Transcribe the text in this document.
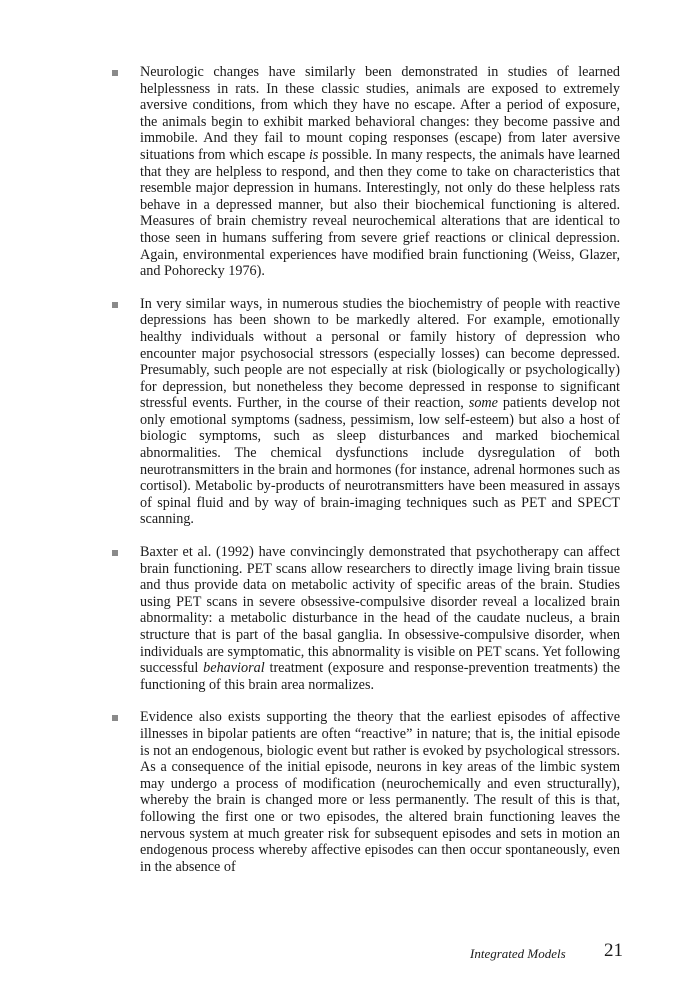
Neurologic changes have similarly been demonstrated in studies of learned helplessness in rats. In these classic studies, animals are exposed to extremely aversive conditions, from which they have no escape. After a period of exposure, the animals begin to exhibit marked behavioral changes: they become passive and immobile. And they fail to mount coping responses (escape) from later aversive situations from which escape is possible. In many respects, the animals have learned that they are helpless to respond, and then they come to take on characteristics that resemble major depression in humans. Interestingly, not only do these helpless rats behave in a depressed manner, but also their biochemical functioning is altered. Measures of brain chemistry reveal neurochemical alterations that are identical to those seen in humans suffering from severe grief reactions or clinical depression. Again, environmental experiences have modified brain functioning (Weiss, Glazer, and Pohorecky 1976).
In very similar ways, in numerous studies the biochemistry of people with reactive depressions has been shown to be markedly altered. For example, emotionally healthy individuals without a personal or family history of depression who encounter major psychosocial stressors (especially losses) can become depressed. Presumably, such people are not especially at risk (biologically or psychologically) for depression, but nonetheless they become depressed in response to significant stressful events. Further, in the course of their reaction, some patients develop not only emotional symptoms (sadness, pessimism, low self-esteem) but also a host of biologic symptoms, such as sleep disturbances and marked biochemical abnormalities. The chemical dysfunctions include dysregulation of both neurotransmitters in the brain and hormones (for instance, adrenal hormones such as cortisol). Metabolic by-products of neurotransmitters have been measured in assays of spinal fluid and by way of brain-imaging techniques such as PET and SPECT scanning.
Baxter et al. (1992) have convincingly demonstrated that psychotherapy can affect brain functioning. PET scans allow researchers to directly image living brain tissue and thus provide data on metabolic activity of specific areas of the brain. Studies using PET scans in severe obsessive-compulsive disorder reveal a localized brain abnormality: a metabolic disturbance in the head of the caudate nucleus, a brain structure that is part of the basal ganglia. In obsessive-compulsive disorder, when individuals are symptomatic, this abnormality is visible on PET scans. Yet following successful behavioral treatment (exposure and response-prevention treatments) the functioning of this brain area normalizes.
Evidence also exists supporting the theory that the earliest episodes of affective illnesses in bipolar patients are often “reactive” in nature; that is, the initial episode is not an endogenous, biologic event but rather is evoked by psychological stressors. As a consequence of the initial episode, neurons in key areas of the limbic system may undergo a process of modification (neurochemically and even structurally), whereby the brain is changed more or less permanently. The result of this is that, following the first one or two episodes, the altered brain functioning leaves the nervous system at much greater risk for subsequent episodes and sets in motion an endogenous process whereby affective episodes can then occur spontaneously, even in the absence of
Integrated Models 21
